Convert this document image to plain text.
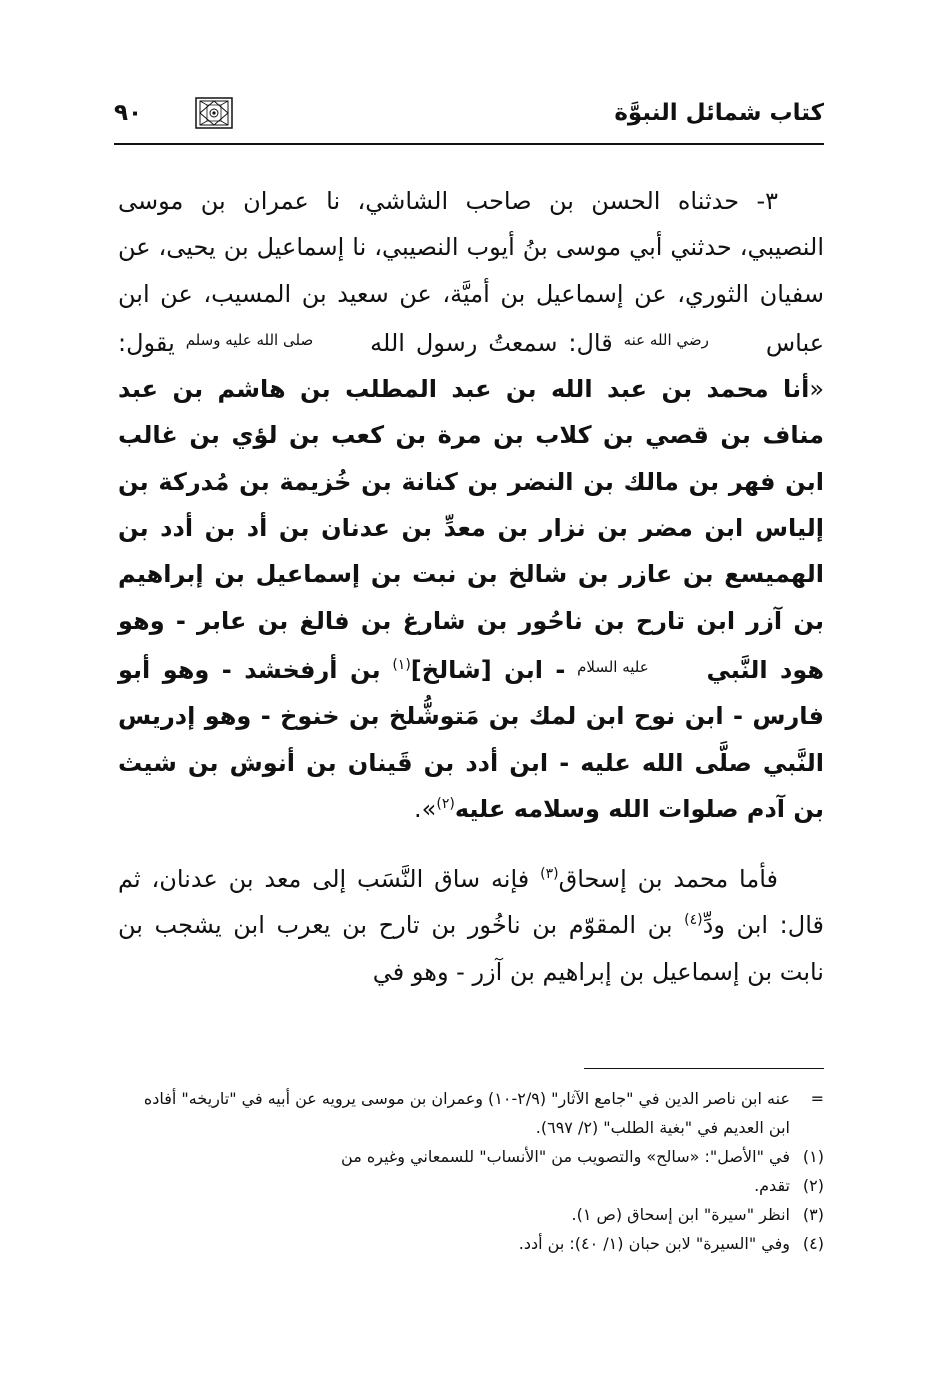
كتاب شمائل النبوَّة
٩٠

٣- حدثناه الحسن بن صاحب الشاشي، نا عمران بن موسى النصيبي، حدثني أبي موسى بنُ أيوب النصيبي، نا إسماعيل بن يحيى، عن سفيان الثوري، عن إسماعيل بن أميَّة، عن سعيد بن المسيب، عن ابن عباس رضي الله عنه قال: سمعتُ رسول الله صلى الله عليه وسلم يقول: «أنا محمد بن عبد الله بن عبد المطلب بن هاشم بن عبد مناف بن قصي بن كلاب بن مرة بن كعب بن لؤي بن غالب ابن فهر بن مالك بن النضر بن كنانة بن خُزيمة بن مُدركة بن إلياس ابن مضر بن نزار بن معدِّ بن عدنان بن أد بن أدد بن الهميسع بن عازر بن شالخ بن نبت بن إسماعيل بن إبراهيم بن آزر ابن تارح بن ناحُور بن شارغ بن فالغ بن عابر - وهو هود النَّبي عليه السلام - ابن [شالخ]$^{(١)}$ بن أرفخشد - وهو أبو فارس - ابن نوح ابن لمك بن مَتوشُّلخ بن خنوخ - وهو إدريس النَّبي صلَّى الله عليه - ابن أدد بن قَينان بن أنوش بن شيث بن آدم صلوات الله وسلامه عليه$^{(٢)}$».

فأما محمد بن إسحاق$^{(٣)}$ فإنه ساق النَّسَب إلى معد بن عدنان، ثم قال: ابن ودِّ$^{(٤)}$ بن المقوّم بن ناخُور بن تارح بن يعرب ابن يشجب بن نابت بن إسماعيل بن إبراهيم بن آزر - وهو في

=
عنه ابن ناصر الدين في "جامع الآثار" (٢/٩-١٠) وعمران بن موسى يرويه عن أبيه في "تاريخه" أفاده ابن العديم في "بغية الطلب" (٢/ ٦٩٧).

(١)
في "الأصل": «سالح» والتصويب من "الأنساب" للسمعاني وغيره من

(٢)
تقدم.

(٣)
انظر "سيرة" ابن إسحاق (ص ١).

(٤)
وفي "السيرة" لابن حبان (١/ ٤٠): بن أدد.
